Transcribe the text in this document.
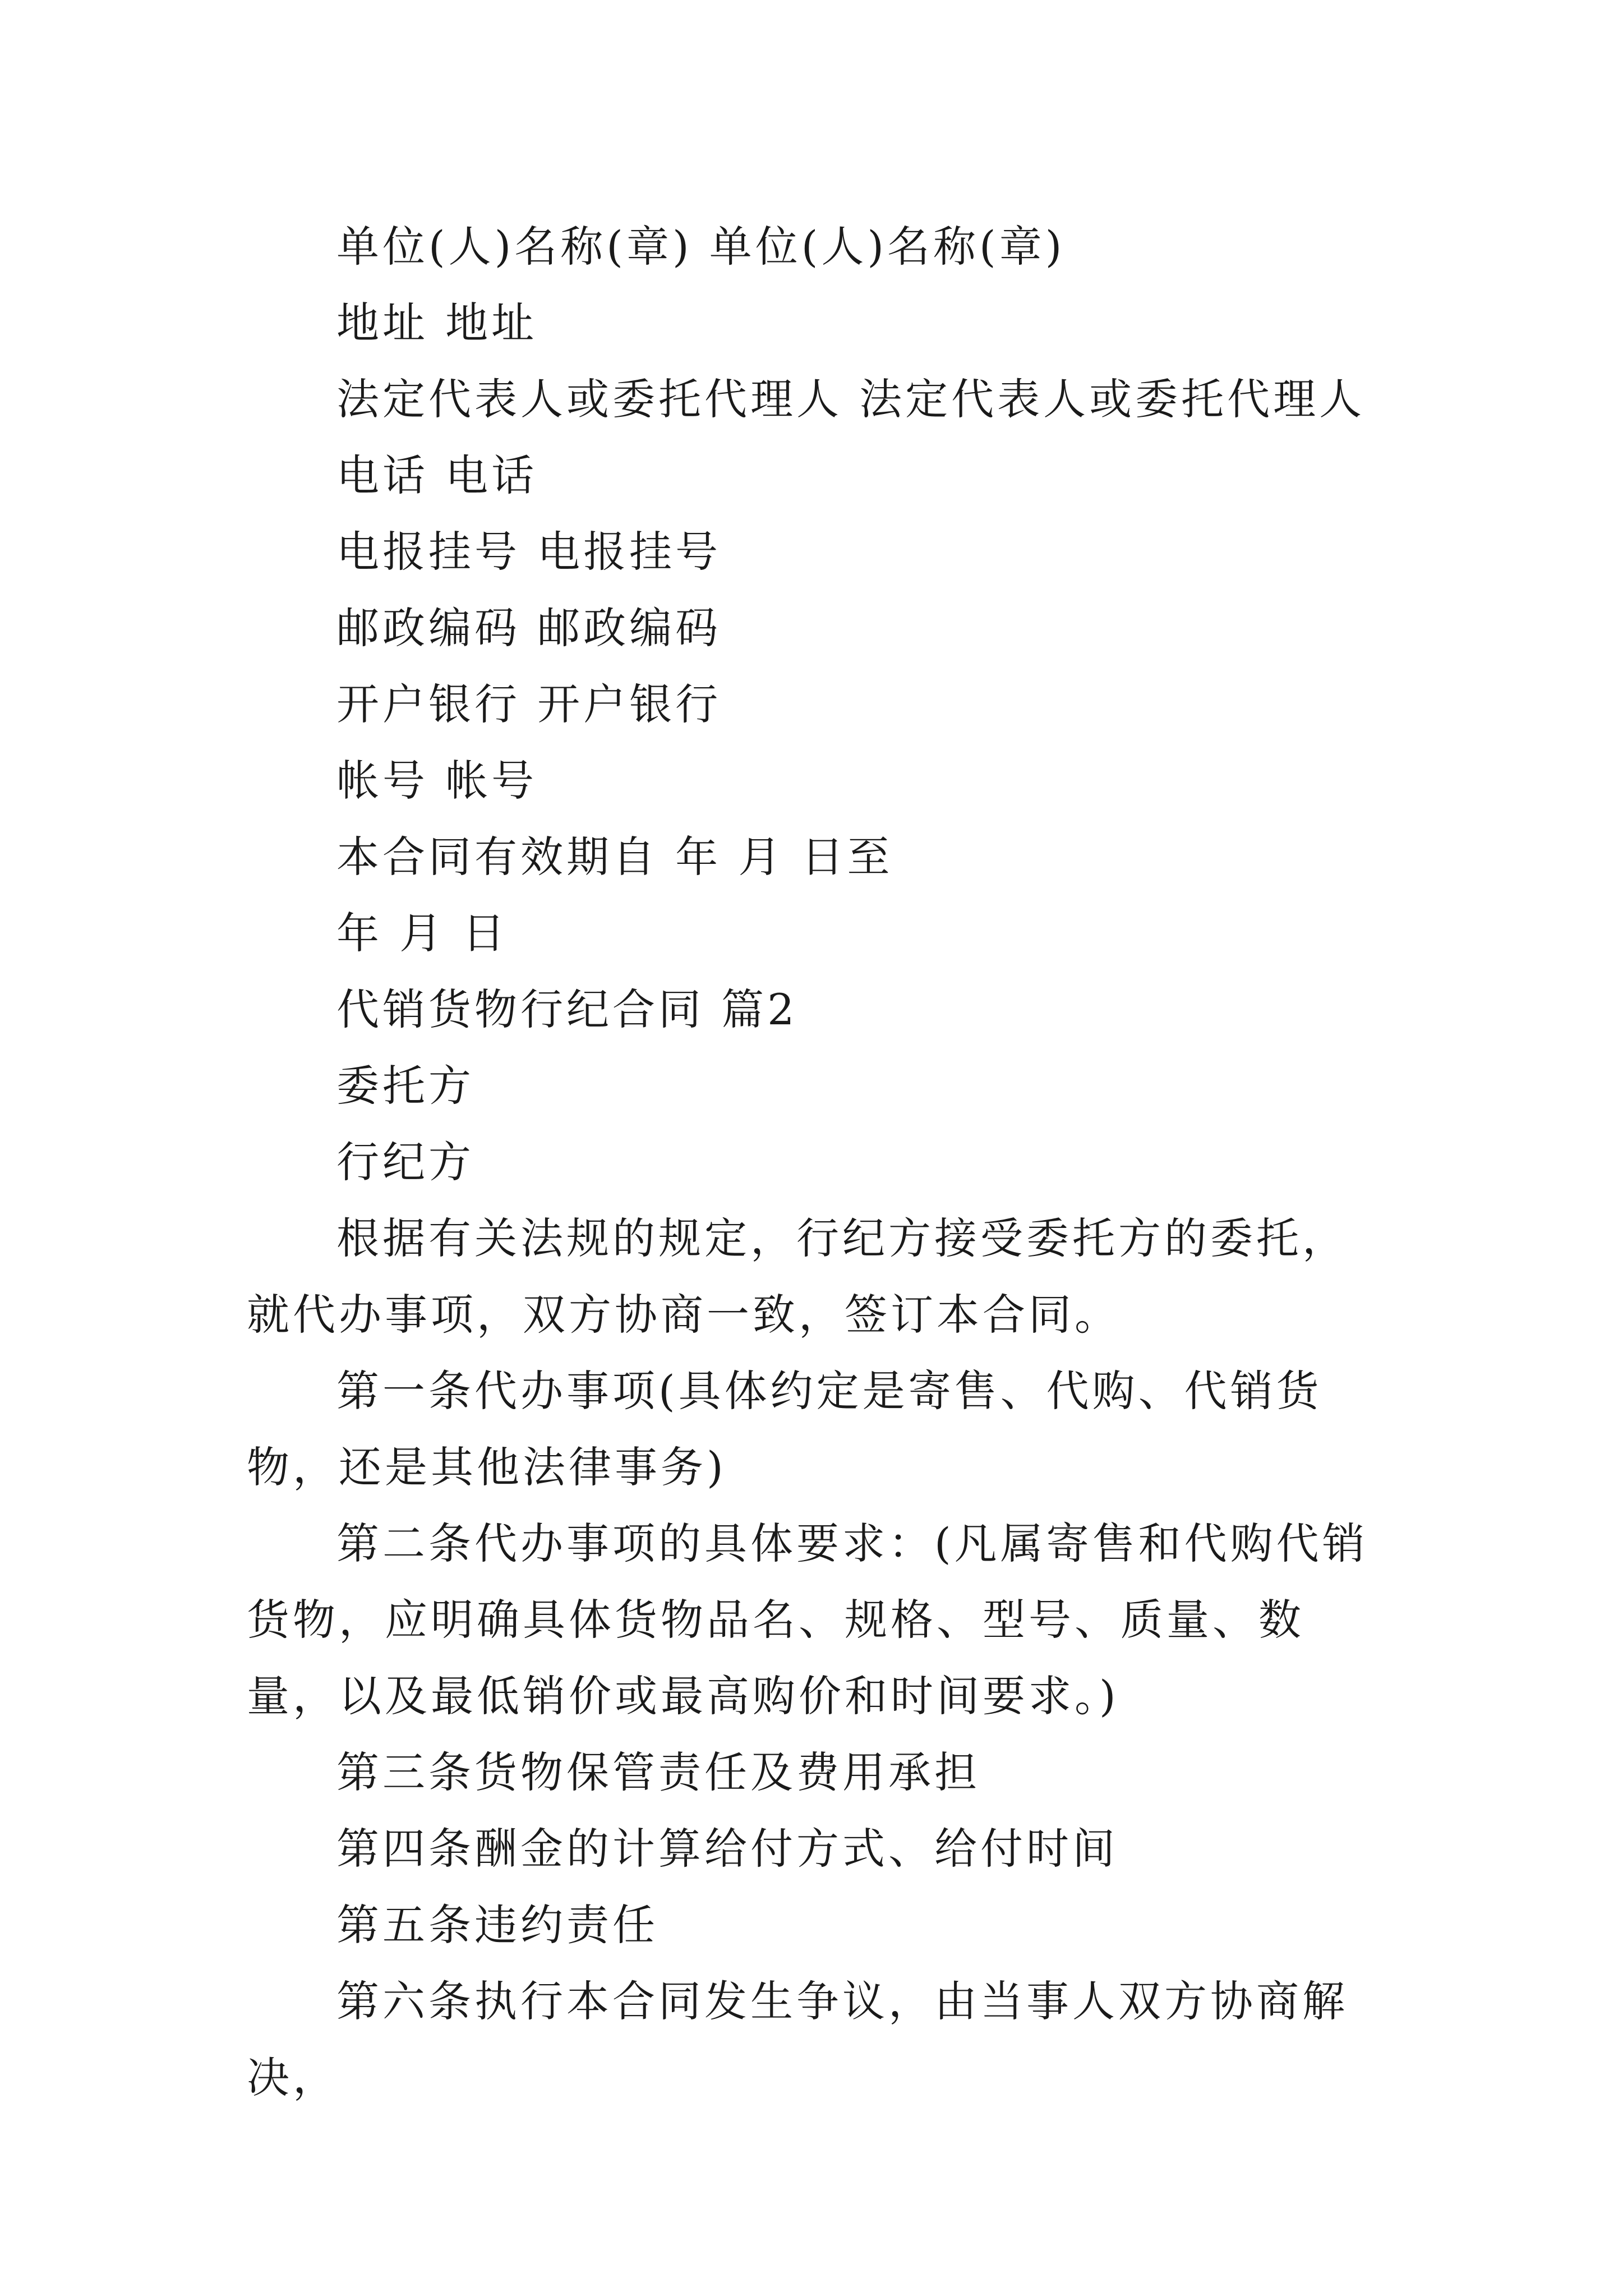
单位(人)名称(章) 单位(人)名称(章)

地址 地址

法定代表人或委托代理人 法定代表人或委托代理人

电话 电话

电报挂号 电报挂号

邮政编码 邮政编码

开户银行 开户银行

帐号 帐号

本合同有效期自 年 月 日至

年 月 日

代销货物行纪合同 篇2

委托方

行纪方

根据有关法规的规定，行纪方接受委托方的委托，就代办事项，双方协商一致，签订本合同。

第一条代办事项(具体约定是寄售、代购、代销货物，还是其他法律事务)

第二条代办事项的具体要求：(凡属寄售和代购代销货物，应明确具体货物品名、规格、型号、质量、数量，以及最低销价或最高购价和时间要求。)

第三条货物保管责任及费用承担

第四条酬金的计算给付方式、给付时间

第五条违约责任

第六条执行本合同发生争议，由当事人双方协商解决，
